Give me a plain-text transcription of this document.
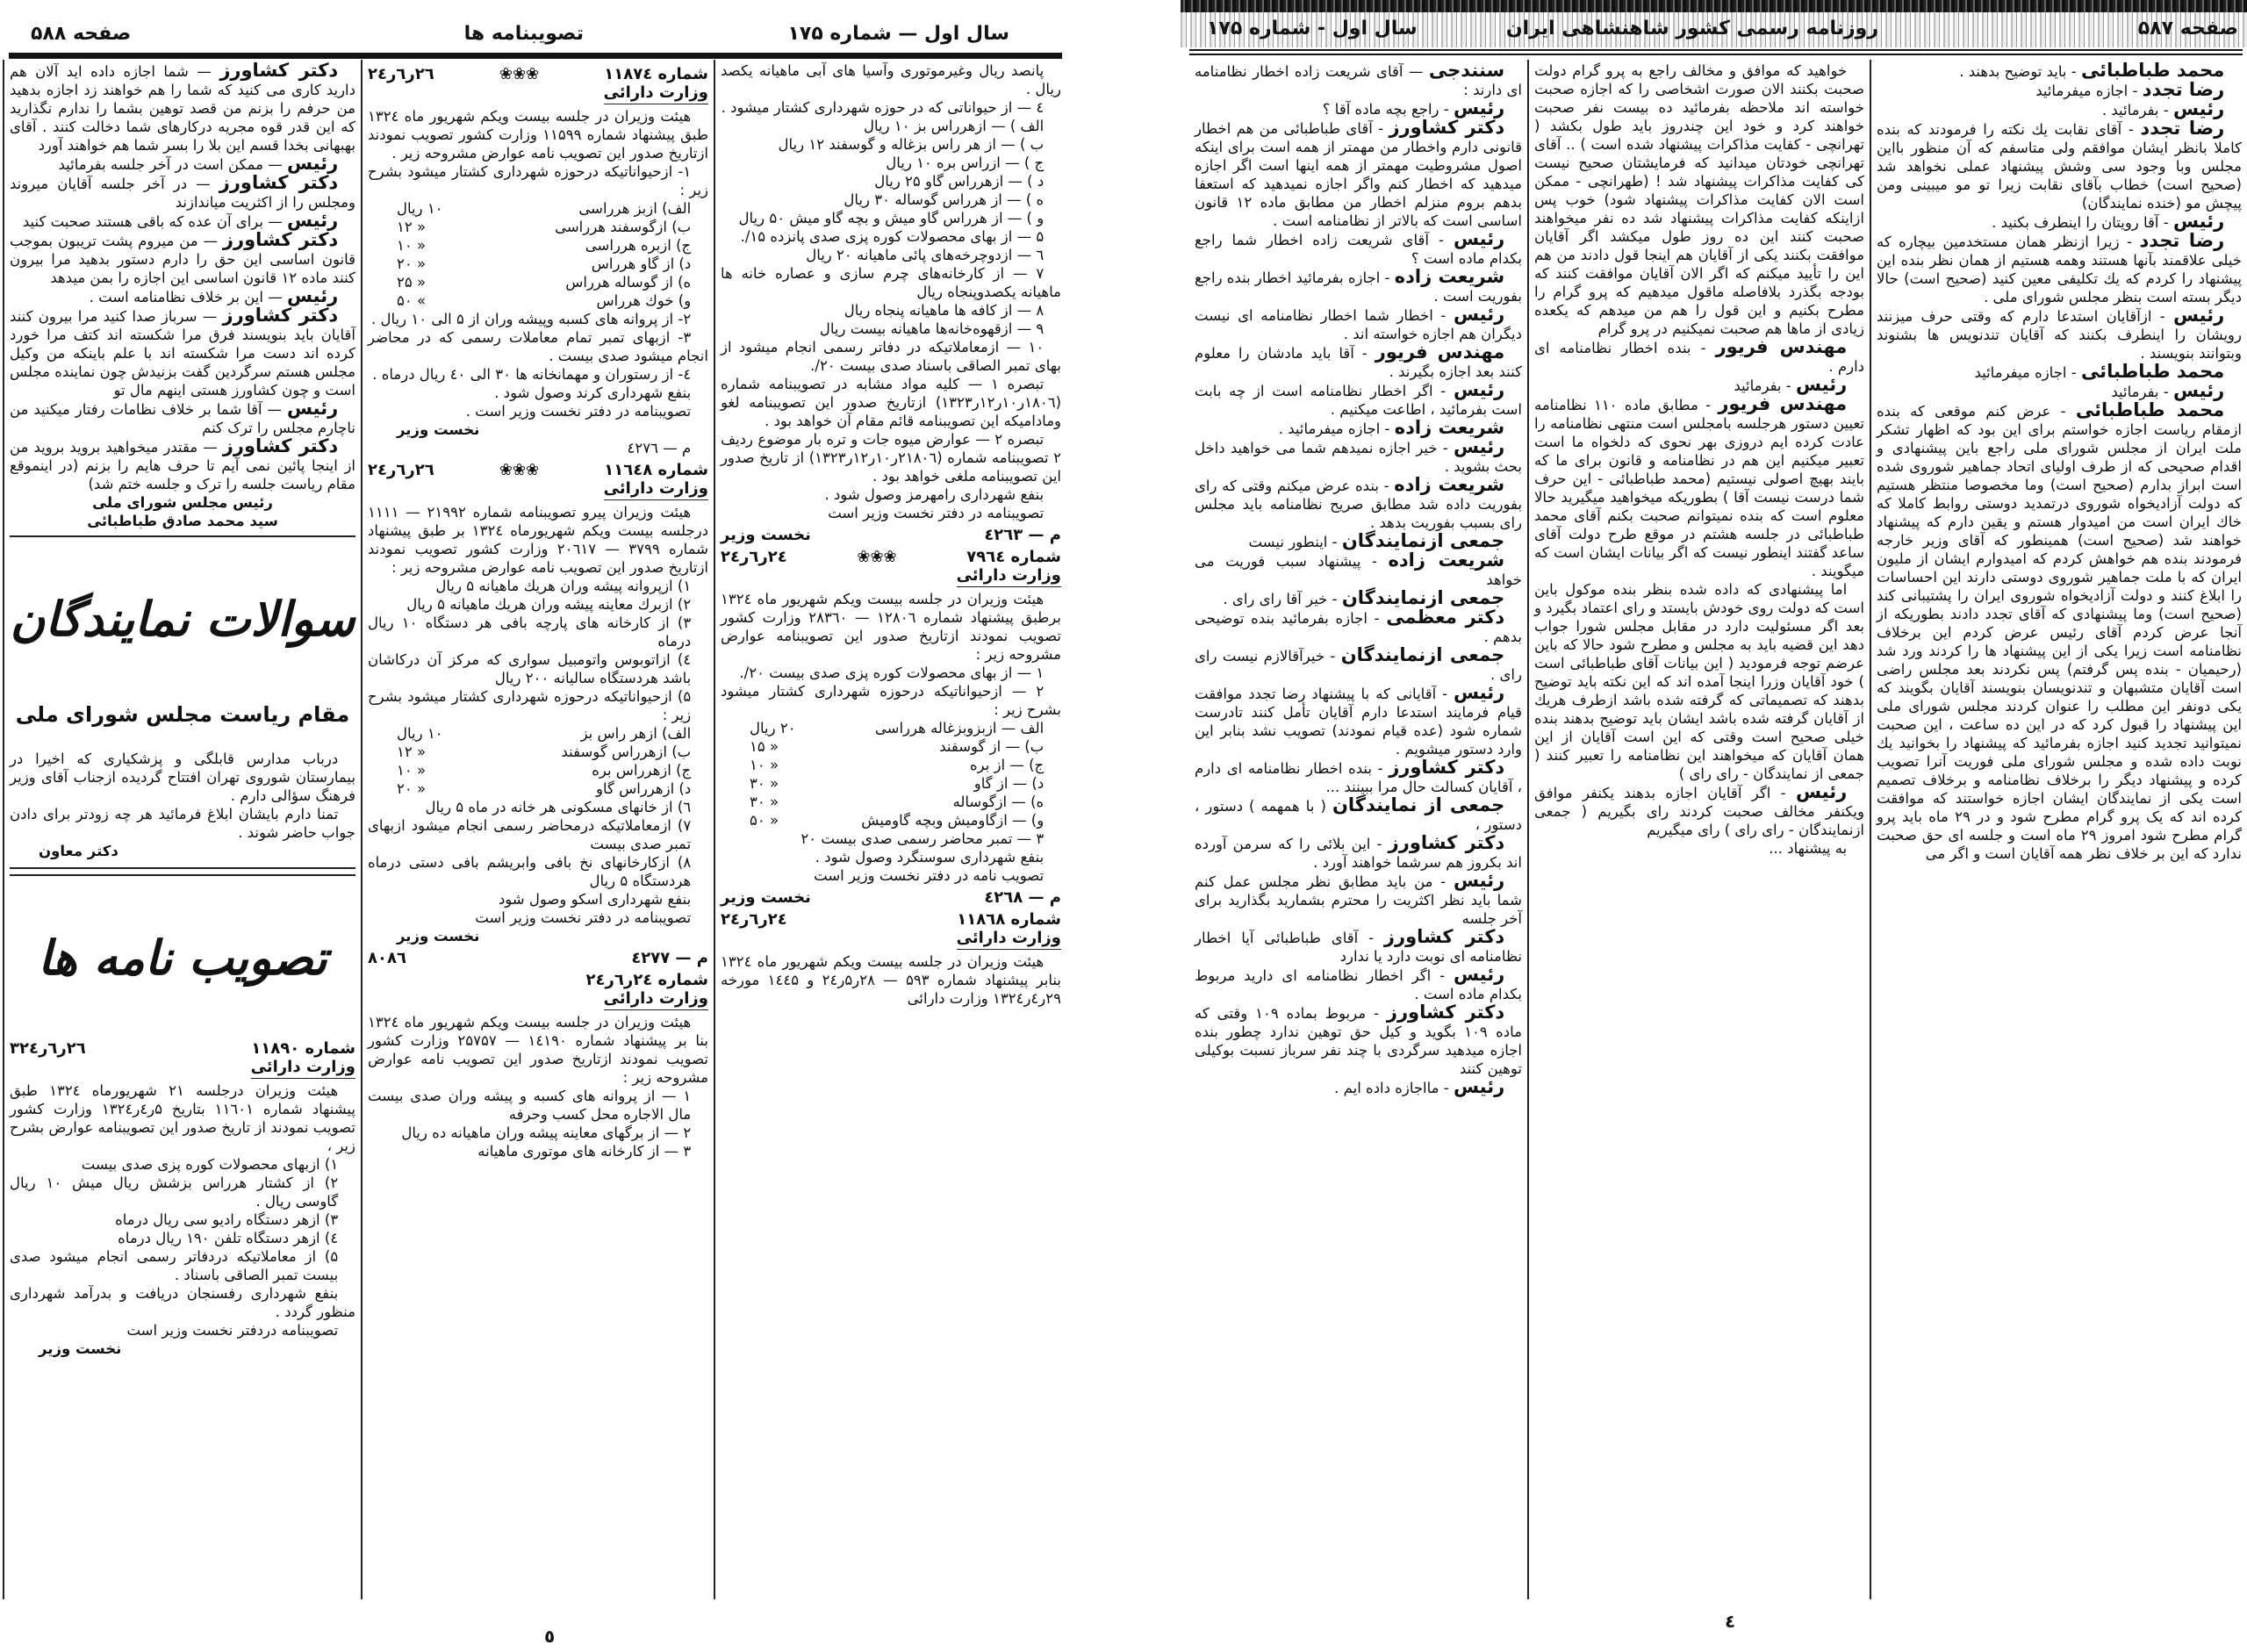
سال اول — شماره ۱۷۵
تصویبنامه ها
صفحه ۵۸۸

پانصد ریال وغیرموتوری وآسیا های آبی ماهیانه یکصد ریال .

٤ — از حیواناتی که در حوزه شهرداری کشتار میشود .

الف ) — ازهرراس بز ۱۰ ریال

ب ) — از هر راس بزغاله و گوسفند ۱۲ ریال

ج ) — ازراس بره ۱۰ ریال

د ) — ازهرراس گاو ۲۵ ریال

ه ) — از هرراس گوساله ۳۰ ریال

و ) — از هرراس گاو میش و بچه گاو میش ۵۰ ریال

۵ — از بهای محصولات کوره پزی صدی پانزده ۱۵/.

٦ — ازدوچرخه‌های پائی ماهیانه ۲۰ ریال

۷ — از کارخانه‌های چرم سازی و عصاره خانه ها ماهیانه یکصدوپنجاه ریال

۸ — از کافه ها ماهیانه پنجاه ریال

۹ — ازقهوه‌خانه‌ها ماهیانه بیست ریال

۱۰ — ازمعاملاتیکه در دفاتر رسمی انجام میشود از بهای تمبر الصاقی باسناد صدی بیست ۲۰/.

تبصره ۱ — کلیه مواد مشابه در تصویبنامه شماره (۱۸۰٦ر۱۰ر۱۲ر۱۳۲۳) ازتاریخ صدور این تصویبنامه لغو ومادامیکه این تصویبنامه قائم مقام آن خواهد بود .

تبصره ۲ — عوارض میوه جات و تره بار موضوع ردیف ۲ تصویبنامه شماره (۲۱۸۰٦ر۱۰ر۱۲ر۱۳۲۳) از تاریخ صدور این تصویبنامه ملغی خواهد بود .

بنفع شهرداری رامهرمز وصول شود .

تصویبنامه در دفتر نخست وزیر است

م — ٤۲٦۳
نخست وزیر
شماره ۷۹٦٤
❀❀❀
۲٤ر٦ر۲٤
وزارت دارائی

هیئت وزیران در جلسه بیست ویکم شهریور ماه ۱۳۲٤ برطبق پیشنهاد شماره ۱۲۸۰٦ — ۲۸۳٦۰ وزارت کشور تصویب نمودند ازتاریخ صدور این تصویبنامه عوارض مشروحه زیر :

۱ — از بهای محصولات کوره پزی صدی بیست ۲۰/.

۲ — ازحیواناتیکه درحوزه شهرداری کشتار میشود بشرح زیر :

الف — ازبزوبزغاله هرراسی
۲۰ ریال
ب) — از گوسفند
« ۱۵
ج) — از بره
« ۱۰
د) — از گاو
« ۳۰
ه) — ازگوساله
« ۳۰
و) — ازگاومیش وبچه گاومیش
« ۵۰

۳ — تمبر محاضر رسمی صدی بیست ۲۰

بنفع شهرداری سوسنگرد وصول شود .

تصویب نامه در دفتر نخست وزیر است

م — ٤۲٦۸
نخست وزیر
شماره ۱۱۸٦۸
۲٤ر٦ر۲٤
وزارت دارائی

هیئت وزیران در جلسه بیست ویکم شهریور ماه ۱۳۲٤ بنابر پیشنهاد شماره ۵۹۳ — ۲۸ر۵ر۲٤ و ۱٤٤۵ مورخه ۲۹ر٤ر۱۳۲٤ وزارت دارائی

شماره ۱۱۸۷٤
❀❀❀
۲٦ر٦ر۲٤
وزارت دارائی

هیئت وزیران در جلسه بیست ویکم شهریور ماه ۱۳۲٤ طبق پیشنهاد شماره ۱۱۵۹۹ وزارت کشور تصویب نمودند ازتاریخ صدور این تصویب نامه عوارض مشروحه زیر .

۱- ازحیواناتیکه درحوزه شهرداری کشتار میشود بشرح زیر :

الف) ازبز هرراسی
۱۰ ریال
ب) ازگوسفند هرراسی
« ۱۲
ج) ازبره هرراسی
« ۱۰
د) از گاو هرراس
« ۲۰
ه) از گوساله هرراس
« ۲۵
و) خوك هرراس
» ۵۰

۲- از پروانه های کسبه وپیشه وران از ۵ الی ۱۰ ریال .

۳- ازبهای تمبر تمام معاملات رسمی که در محاضر انجام میشود صدی بیست .

٤- از رستوران و مهمانخانه ها ۳۰ الی ٤۰ ریال درماه .

بنفع شهرداری کرند وصول شود .

تصویبنامه در دفتر نخست وزیر است .

نخست وزیر

م — ٤۲۷٦

شماره ۱۱٦٤۸
❀❀❀
۲٦ر٦ر۲٤
وزارت دارائی

هیئت وزیران پیرو تصویبنامه شماره ۲۱۹۹۲ — ۱۱۱۱ درجلسه بیست ویکم شهریورماه ۱۳۲٤ بر طبق پیشنهاد شماره ۳۷۹۹ — ۲۰٦۱۷ وزارت کشور تصویب نمودند ازتاریخ صدور این تصویب نامه عوارض مشروحه زیر :

۱) ازپروانه پیشه وران هریك ماهیانه ۵ ریال

۲) ازبرك معاینه پیشه وران هریك ماهیانه ۵ ریال

۳) از کارخانه های پارچه بافی هر دستگاه ۱۰ ریال درماه

٤) ازاتوبوس واتومبیل سواری که مرکز آن درکاشان باشد هردستگاه سالیانه ۲۰۰ ریال

۵) ازحیواناتیکه درحوزه شهرداری کشتار میشود بشرح زیر :

الف) ازهر راس بز
۱۰ ریال
ب) ازهرراس گوسفند
« ۱۲
ج) ازهرراس بره
« ۱۰
د) ازهرراس گاو
« ۲۰

٦) از خانهای مسکونی هر خانه در ماه ۵ ریال

۷) ازمعاملاتیکه درمحاضر رسمی انجام میشود ازبهای تمبر صدی بیست

۸) ازکارخانهای نخ بافی وابریشم بافی دستی درماه هردستگاه ۵ ریال

بنفع شهرداری اسکو وصول شود

تصویبنامه در دفتر نخست وزیر است

نخست وزیر

م — ٤۲۷۷
۸۰۸٦
شماره ۲٤ر٦ر۲٤
وزارت دارائی

هیئت وزیران در جلسه بیست ویکم شهریور ماه ۱۳۲٤ بنا بر پیشنهاد شماره ۱٤۱۹۰ — ۲۵۷۵۷ وزارت کشور تصویب نمودند ازتاریخ صدور این تصویب نامه عوارض مشروحه زیر :

۱ — از پروانه های کسبه و پیشه وران صدی بیست مال الاجاره محل کسب وحرفه

۲ — از برگهای معاینه پیشه وران ماهیانه ده ریال

۳ — از کارخانه های موتوری ماهیانه

دکتر کشاورز — شما اجازه داده اید آلان هم دارید کاری می کنید که شما را هم خواهند زد اجازه بدهید من حرفم را بزنم من قصد توهین بشما را ندارم نگذارید که این قدر قوه مجریه درکارهای شما دخالت کنند . آقای بهبهانی بخدا قسم این بلا را بسر شما هم خواهند آورد

رئیس — ممکن است در آخر جلسه بفرمائید

دکتر کشاورز — در آخر جلسه آقایان میروند ومجلس را از اکثریت میاندازند

رئیس — برای آن عده که باقی هستند صحبت کنید

دکتر کشاورز — من میروم پشت تریبون بموجب قانون اساسی این حق را دارم دستور بدهید مرا بیرون کنند ماده ۱۲ قانون اساسی این اجازه را بمن میدهد

رئیس — این بر خلاف نظامنامه است .

دکتر کشاورز — سرباز صدا کنید مرا بیرون کنند آقایان باید بنویسند فرق مرا شکسته اند کتف مرا خورد کرده اند دست مرا شکسته اند با علم باینکه من وکیل مجلس هستم سرگردین گفت بزنیدش چون نماینده مجلس است و چون کشاورز هستی اینهم مال تو

رئیس — آقا شما بر خلاف نظامات رفتار میکنید من ناچارم مجلس را ترک کنم

دکتر کشاورز — مقتدر میخواهید بروید بروید من از اینجا پائین نمی آیم تا حرف هایم را بزنم (در اینموقع مقام ریاست جلسه را ترک و جلسه ختم شد)

رئیس مجلس شورای ملی

سید محمد صادق طباطبائی

سوالات نمایندگان

مقام ریاست مجلس شورای ملی

درباب مدارس قابلگی و پزشکیاری که اخیرا در بیمارستان شوروی تهران افتتاح گردیده ازجناب آقای وزیر فرهنگ سؤالی دارم .

تمنا دارم بایشان ابلاغ فرمائید هر چه زودتر برای دادن جواب حاضر شوند .

دکتر معاون

تصویب نامه ها

شماره ۱۱۸۹۰
۲٦ر٦ر۳۲٤
وزارت دارائی

هیئت وزیران درجلسه ۲۱ شهریورماه ۱۳۲٤ طبق پیشنهاد شماره ۱۱٦۰۱ بتاریخ ۵ر٤ر۱۳۲٤ وزارت کشور تصویب نمودند از تاریخ صدور این تصویبنامه عوارض بشرح زیر ،

۱) ازبهای محصولات کوره پزی صدی بیست

۲) از کشتار هرراس بزشش ریال میش ۱۰ ریال گاوسی ریال .

۳) ازهر دستگاه رادیو سی ریال درماه

٤) ازهر دستگاه تلفن ۱۹۰ ریال درماه

۵) از معاملاتیکه دردفاتر رسمی انجام میشود صدی بیست تمبر الصاقی باسناد .

بنفع شهرداری رفسنجان دریافت و بدرآمد شهرداری منظور گردد .

تصویبنامه دردفتر نخست وزیر است

نخست وزیر

٥
صفحه ۵۸۷
روزنامه رسمی کشور شاهنشاهی ایران
سال اول - شماره ۱۷۵

محمد طباطبائی - باید توضیح بدهند .

رضا تجدد - اجازه میفرمائید

رئیس - بفرمائید .

رضا تجدد - آقای نقابت یك نکته را فرمودند که بنده کاملا بانظر ایشان موافقم ولی متاسفم که آن منظور بااین مجلس وبا وجود سی وشش پیشنهاد عملی نخواهد شد (صحیح است) خطاب بآقای نقابت زیرا تو مو میبینی ومن پیچش مو (خنده نمایندگان)

رئیس - آقا رویتان را اینطرف بکنید .

رضا تجدد - زیرا ازنظر همان مستخدمین بیچاره که خیلی علاقمند بآنها هستند وهمه هستیم از همان نظر بنده این پیشنهاد را کردم که یك تکلیفی معین کنید (صحیح است) حالا دیگر بسته است بنظر مجلس شورای ملی .

رئیس - ازآقایان استدعا دارم که وقتی حرف میزنند رویشان را اینطرف بکنند که آقایان تندنویس ها بشنوند وبتوانند بنویسند .

محمد طباطبائی - اجازه میفرمائید

رئیس - بفرمائید

محمد طباطبائی - عرض کنم موقعی که بنده ازمقام ریاست اجازه خواستم برای این بود که اظهار تشکر ملت ایران از مجلس شورای ملی راجع باین پیشنهادی و اقدام صحیحی که از طرف اولیای اتحاد جماهیر شوروی شده است ابراز بدارم (صحیح است) وما مخصوصا منتظر هستیم که دولت آزادیخواه شوروی درتمدید دوستی روابط کاملا که خاك ایران است من امیدوار هستم و یقین دارم که پیشنهاد خواهند شد (صحیح است) همینطور که آقای وزیر خارجه فرمودند بنده هم خواهش کردم که امیدوارم ایشان از ملیون ایران که با ملت جماهیر شوروی دوستی دارند این احساسات را ابلاغ کنند و دولت آزادیخواه شوروی ایران را پشتیبانی کند (صحیح است) وما پیشنهادی که آقای تجدد دادند بطوریکه از آنجا عرض کردم آقای رئیس عرض کردم این برخلاف نظامنامه است زیرا یکی از این پیشنهاد ها را کردند ورد شد (رحیمیان - بنده پس گرفتم) پس نکردند بعد مجلس راضی است آقایان متشبهان و تندنویسان بنویسند آقایان بگویند که یکی دونفر این مطلب را عنوان کردند مجلس شورای ملی این پیشنهاد را قبول کرد که در این ده ساعت ، این صحبت نمیتوانید تجدید کنید اجازه بفرمائید که پیشنهاد را بخوانید یك نوبت داده شده و مجلس شورای ملی فوریت آنرا تصویب کرده و پیشنهاد دیگر را برخلاف نظامنامه و برخلاف تصمیم است یکی از نمایندگان ایشان اجازه خواستند که موافقت کرده اند که یک پرو گرام مطرح شود و در ۲۹ ماه باید پرو گرام مطرح شود امروز ۲۹ ماه است و جلسه ای حق صحبت ندارد که این بر خلاف نظر همه آقایان است و اگر می

خواهید که موافق و مخالف راجع به پرو گرام دولت صحبت بکنند الان صورت اشخاصی را که اجازه صحبت خواسته اند ملاحظه بفرمائید ده بیست نفر صحبت خواهند کرد و خود این چندروز باید طول بکشد ( تهرانچی - کفایت مذاکرات پیشنهاد شده است ) .. آقای تهرانچی خودتان میدانید که فرمایشتان صحیح نیست کی کفایت مذاکرات پیشنهاد شد ! (طهرانچی - ممکن است الان کفایت مذاکرات پیشنهاد شود) خوب پس ازاینکه کفایت مذاکرات پیشنهاد شد ده نفر میخواهند صحبت کنند این ده روز طول میکشد اگر آقایان موافقت بکنند یکی از آقایان هم اینجا قول دادند من هم این را تأیید میکنم که اگر الان آقایان موافقت کنند که بودجه بگذرد بلافاصله ماقول میدهیم که پرو گرام را مطرح بکنیم و این قول را هم من میدهم که یکعده زیادی از ماها هم صحبت نمیکنیم در پرو گرام

مهندس فریور - بنده اخطار نظامنامه ای دارم .

رئیس - بفرمائید

مهندس فریور - مطابق ماده ۱۱۰ نظامنامه تعیین دستور هرجلسه بامجلس است منتهی نظامنامه را عادت کرده ایم دروزی بهر نحوی که دلخواه ما است تعبیر میکنیم این هم در نظامنامه و قانون برای ما که بایند بهیچ اصولی نیستیم (محمد طباطبائی - این حرف شما درست نیست آقا ) بطوریکه میخواهید میگیرید حالا معلوم است که بنده نمیتوانم صحبت بکنم آقای محمد طباطبائی در جلسه هشتم در موقع طرح دولت آقای ساعد گفتند اینطور نیست که اگر بیانات ایشان است که میگویند .

اما پیشنهادی که داده شده بنظر بنده موکول باین است که دولت روی خودش بایستد و رای اعتماد بگیرد و بعد اگر مسئولیت دارد در مقابل مجلس شورا جواب دهد این قضیه باید به مجلس و مطرح شود حالا که باین عرضم توجه فرمودید ( این بیانات آقای طباطبائی است ) خود آقایان وزرا اینجا آمده اند که این نکته باید توضیح بدهند که تصمیماتی که گرفته شده باشد ازطرف هریك از آقایان گرفته شده باشد ایشان باید توضیح بدهند بنده خیلی صحیح است وقتی که این است آقایان از این همان آقایان که میخواهند این نظامنامه را تعبیر کنند ( جمعی از نمایندگان - رای رای )

رئیس - اگر آقایان اجازه بدهند یکنفر موافق ویکنفر مخالف صحبت کردند رای بگیریم ( جمعی ازنمایندگان - رای رای ) رای میگیریم

به پیشنهاد ...

سنندجی — آقای شریعت زاده اخطار نظامنامه ای دارند :

رئیس - راجع بچه ماده آقا ؟

دکتر کشاورز - آقای طباطبائی من هم اخطار قانونی دارم واخطار من مهمتر از همه است برای اینکه اصول مشروطیت مهمتر از همه اینها است اگر اجازه میدهید که اخطار کنم واگر اجازه نمیدهید که استعفا بدهم بروم منزلم اخطار من مطابق ماده ۱۲ قانون اساسی است که بالاتر از نظامنامه است .

رئیس - آقای شریعت زاده اخطار شما راجع بکدام ماده است ؟

شریعت زاده - اجازه بفرمائید اخطار بنده راجع بفوریت است .

رئیس - اخطار شما اخطار نظامنامه ای نیست دیگران هم اجازه خواسته اند .

مهندس فریور - آقا باید مادشان را معلوم کنند بعد اجازه بگیرند .

رئیس - اگر اخطار نظامنامه است از چه بابت است بفرمائید ، اطاعت میکنیم .

شریعت زاده - اجازه میفرمائید .

رئیس - خیر اجازه نمیدهم شما می خواهید داخل بحث بشوید .

شریعت زاده - بنده عرض میکنم وقتی که رای بفوریت داده شد مطابق صریح نظامنامه باید مجلس رای بسبب بفوریت بدهد .

جمعی ازنمایندگان - اینطور نیست

شریعت زاده - پیشنهاد سبب فوریت می خواهد

جمعی ازنمایندگان - خیر آقا رای رای .

دکتر معظمی - اجازه بفرمائید بنده توضیحی بدهم .

جمعی ازنمایندگان - خیرآقالازم نیست رای رای .

رئیس - آقایانی که با پیشنهاد رضا تجدد موافقت قیام فرمایند استدعا دارم آقایان تأمل کنند تادرست شماره شود (عده قیام نمودند) تصویب نشد بنابر این وارد دستور میشویم .

دکتر کشاورز - بنده اخطار نظامنامه ای دارم ، آقایان کسالت حال مرا ببینند ...

جمعی از نمایندگان ( با همهمه ) دستور ، دستور ،

دکتر کشاورز - این بلائی را که سرمن آورده اند بکروز هم سرشما خواهند آورد .

رئیس - من باید مطابق نظر مجلس عمل کنم شما باید نظر اکثریت را محترم بشمارید بگذارید برای آخر جلسه

دکتر کشاورز - آقای طباطبائی آیا اخطار نظامنامه ای نوبت دارد یا ندارد

رئیس - اگر اخطار نظامنامه ای دارید مربوط بکدام ماده است .

دکتر کشاورز - مربوط بماده ۱۰۹ وقتی که ماده ۱۰۹ بگوید و کیل حق توهین ندارد چطور بنده اجازه میدهید سرگردی با چند نفر سرباز نسبت بوکیلی توهین کنند

رئیس - مااجازه داده ایم .

٤
